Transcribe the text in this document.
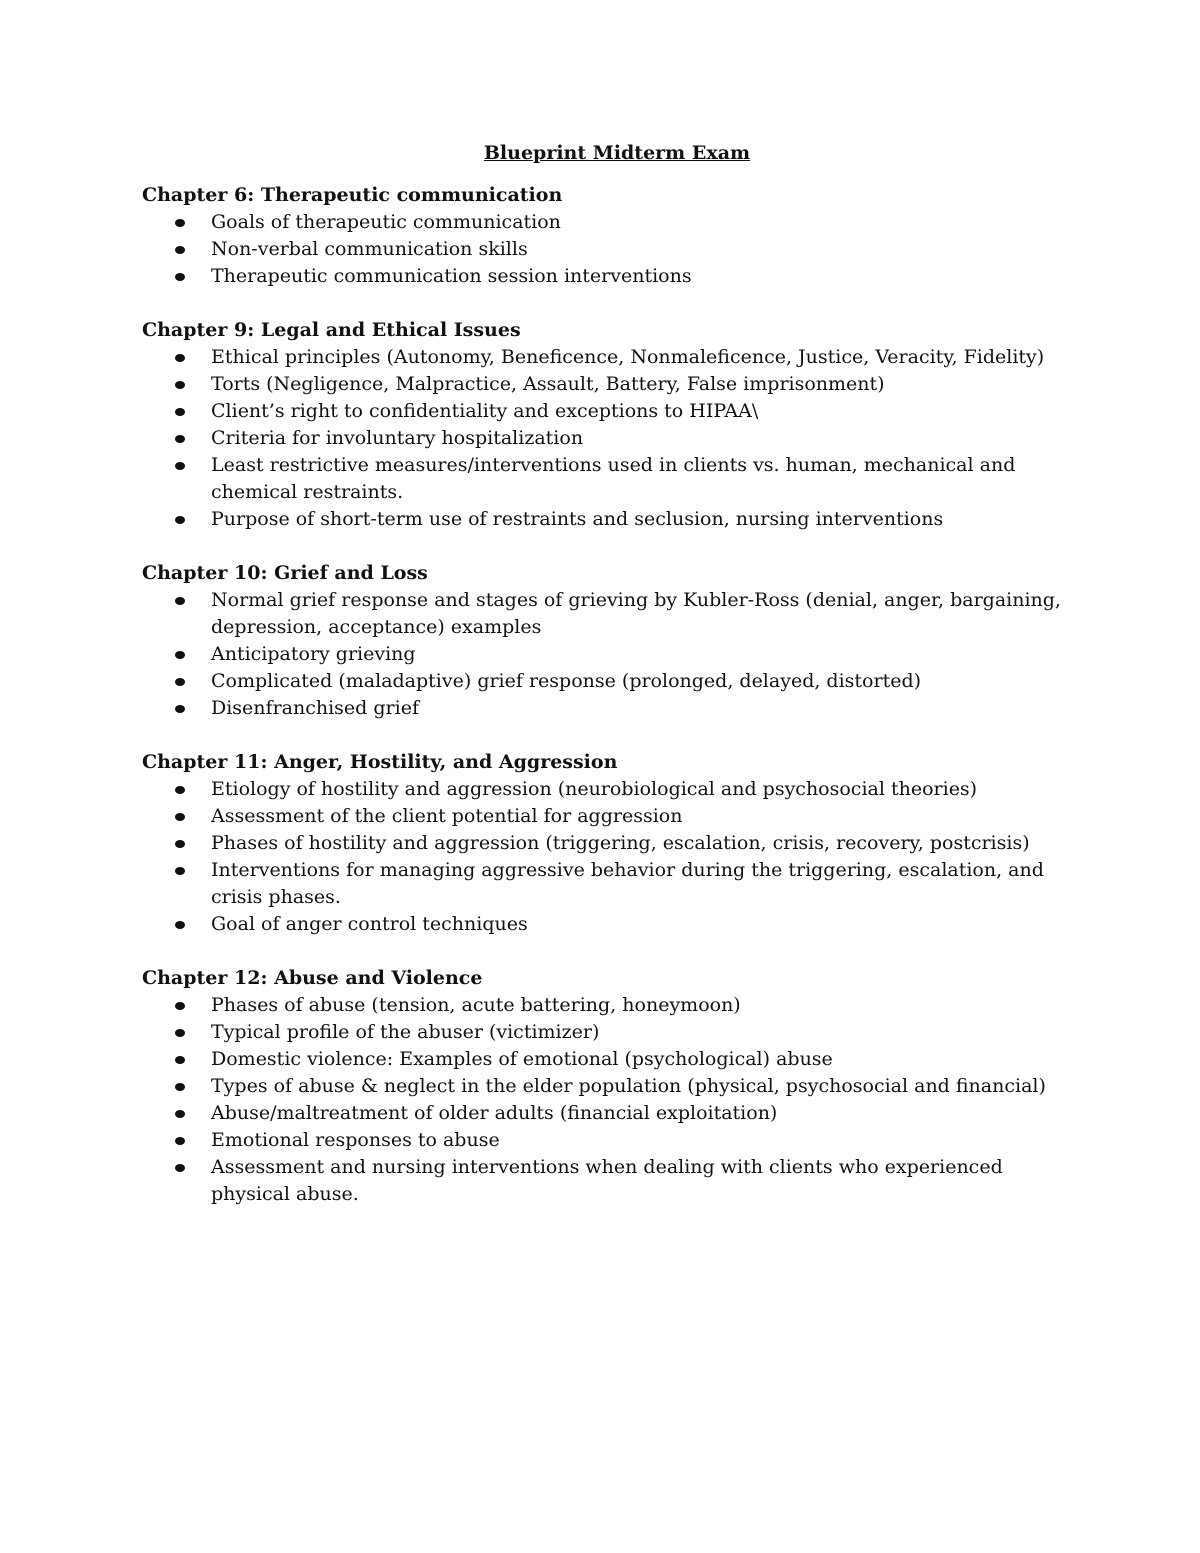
Blueprint Midterm Exam
Chapter 6: Therapeutic communication
Goals of therapeutic communication
Non-verbal communication skills
Therapeutic communication session interventions
Chapter 9: Legal and Ethical Issues
Ethical principles (Autonomy, Beneficence, Nonmaleficence, Justice, Veracity, Fidelity)
Torts (Negligence, Malpractice, Assault, Battery, False imprisonment)
Client’s right to confidentiality and exceptions to HIPAA\
Criteria for involuntary hospitalization
Least restrictive measures/interventions used in clients vs. human, mechanical and chemical restraints.
Purpose of short-term use of restraints and seclusion, nursing interventions
Chapter 10: Grief and Loss
Normal grief response and stages of grieving by Kubler-Ross (denial, anger, bargaining, depression, acceptance) examples
Anticipatory grieving
Complicated (maladaptive) grief response (prolonged, delayed, distorted)
Disenfranchised grief
Chapter 11: Anger, Hostility, and Aggression
Etiology of hostility and aggression (neurobiological and psychosocial theories)
Assessment of the client potential for aggression
Phases of hostility and aggression (triggering, escalation, crisis, recovery, postcrisis)
Interventions for managing aggressive behavior during the triggering, escalation, and crisis phases.
Goal of anger control techniques
Chapter 12: Abuse and Violence
Phases of abuse (tension, acute battering, honeymoon)
Typical profile of the abuser (victimizer)
Domestic violence: Examples of emotional (psychological) abuse
Types of abuse & neglect in the elder population (physical, psychosocial and financial)
Abuse/maltreatment of older adults (financial exploitation)
Emotional responses to abuse
Assessment and nursing interventions when dealing with clients who experienced physical abuse.
